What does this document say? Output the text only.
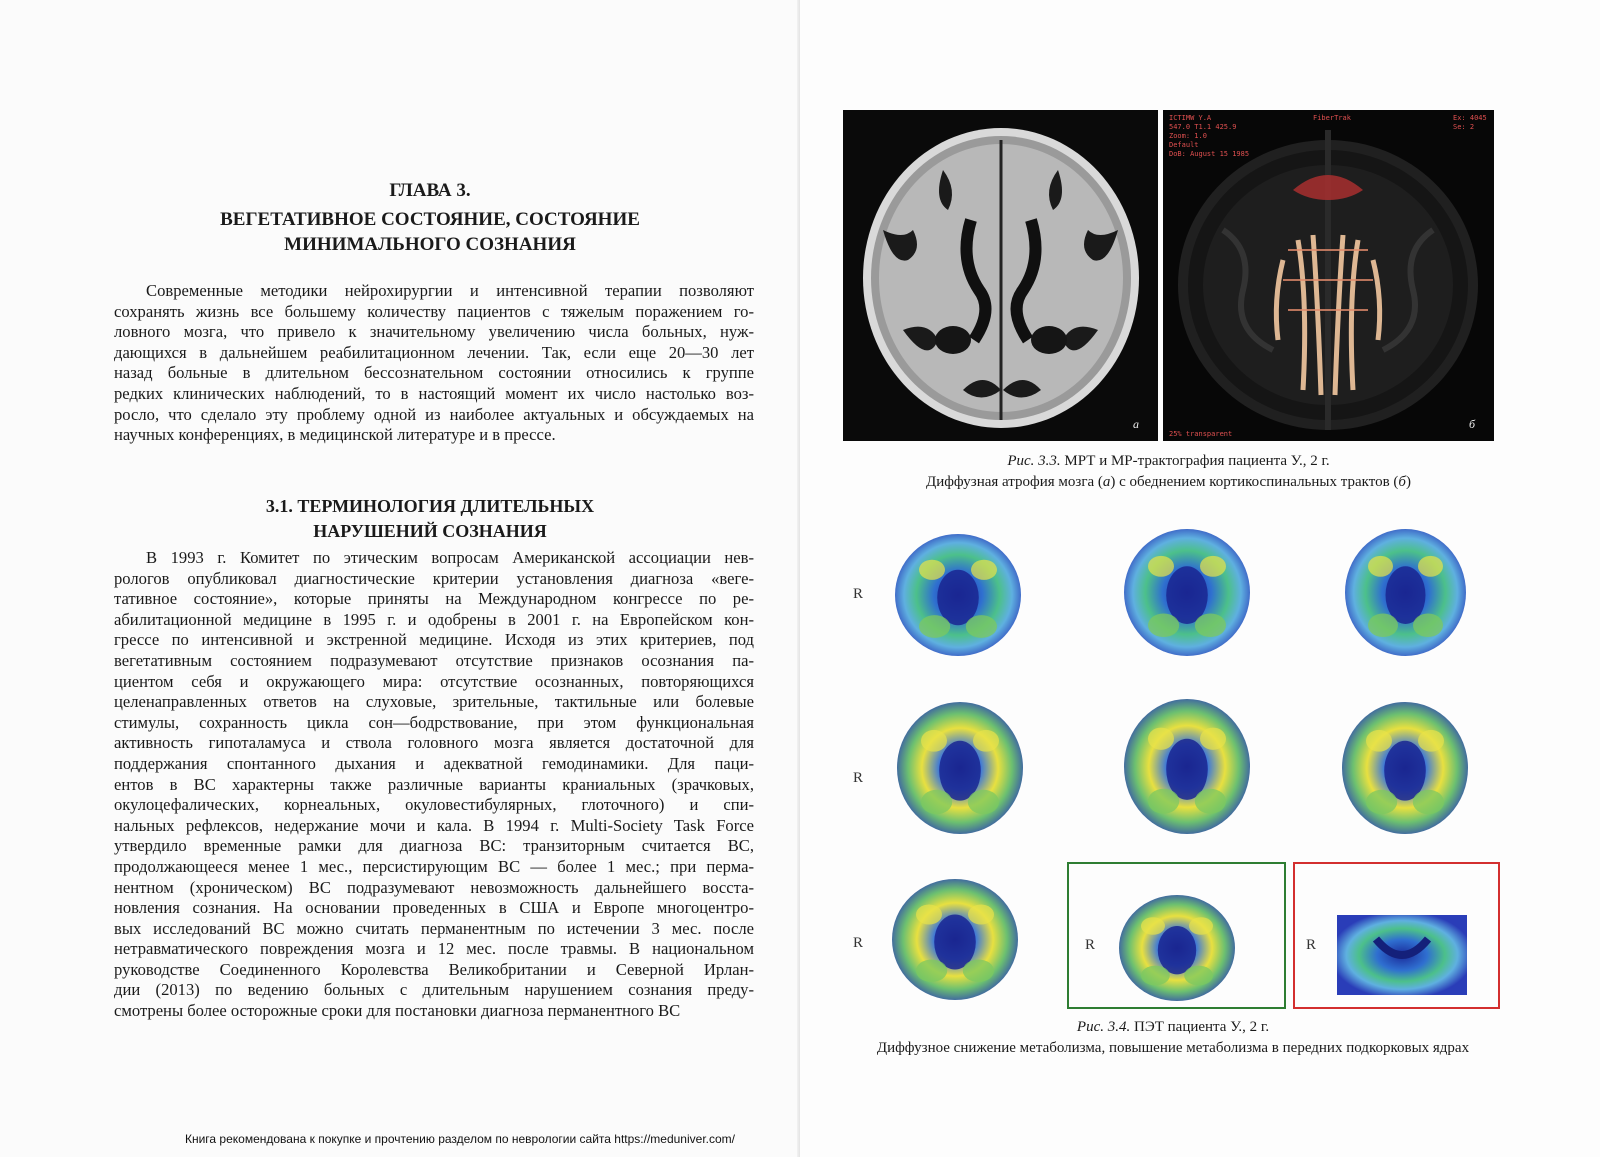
ГЛАВА 3.
ВЕГЕТАТИВНОЕ СОСТОЯНИЕ, СОСТОЯНИЕ
МИНИМАЛЬНОГО СОЗНАНИЯ
Современные методики нейрохирургии и интенсивной терапии позволяют
сохранять жизнь все большему количеству пациентов с тяжелым поражением го-
ловного мозга, что привело к значительному увеличению числа больных, нуж-
дающихся в дальнейшем реабилитационном лечении. Так, если еще 20—30 лет
назад больные в длительном бессознательном состоянии относились к группе
редких клинических наблюдений, то в настоящий момент их число настолько воз-
росло, что сделало эту проблему одной из наиболее актуальных и обсуждаемых на
научных конференциях, в медицинской литературе и в прессе.
3.1. ТЕРМИНОЛОГИЯ ДЛИТЕЛЬНЫХ
НАРУШЕНИЙ СОЗНАНИЯ
В 1993 г. Комитет по этическим вопросам Американской ассоциации нев-
рологов опубликовал диагностические критерии установления диагноза «веге-
тативное состояние», которые приняты на Международном конгрессе по ре-
абилитационной медицине в 1995 г. и одобрены в 2001 г. на Европейском кон-
грессе по интенсивной и экстренной медицине. Исходя из этих критериев, под
вегетативным состоянием подразумевают отсутствие признаков осознания па-
циентом себя и окружающего мира: отсутствие осознанных, повторяющихся
целенаправленных ответов на слуховые, зрительные, тактильные или болевые
стимулы, сохранность цикла сон—бодрствование, при этом функциональная
активность гипоталамуса и ствола головного мозга является достаточной для
поддержания спонтанного дыхания и адекватной гемодинамики. Для паци-
ентов в ВС характерны также различные варианты краниальных (зрачковых,
окулоцефалических, корнеальных, окуловестибулярных, глоточного) и спи-
нальных рефлексов, недержание мочи и кала. В 1994 г. Multi-Society Task Force
утвердило временные рамки для диагноза ВС: транзиторным считается ВС,
продолжающееся менее 1 мес., персистирующим ВС — более 1 мес.; при перма-
нентном (хроническом) ВС подразумевают невозможность дальнейшего восста-
новления сознания. На основании проведенных в США и Европе многоцентро-
вых исследований ВС можно считать перманентным по истечении 3 мес. после
нетравматического повреждения мозга и 12 мес. после травмы. В национальном
руководстве Соединенного Королевства Великобритании и Северной Ирлан-
дии (2013) по ведению больных с длительным нарушением сознания преду-
смотрены более осторожные сроки для постановки диагноза перманентного ВС
Книга рекомендована к покупке и прочтению разделом по неврологии сайта https://meduniver.com/
а
ICTIMW Y.A
547.0 T1.1 425.9
Zoom: 1.0
Default
DoB: August 15 1985
FiberTrak	Ex: 4045
Se: 2
25% transparent
б
Рис. 3.3. МРТ и МР-трактография пациента У., 2 г.
Диффузная атрофия мозга (а) с обеднением кортикоспинальных трактов (б)
R
R
R	R	R
Рис. 3.4. ПЭТ пациента У., 2 г.
Диффузное снижение метаболизма, повышение метаболизма в передних подкорковых ядрах
